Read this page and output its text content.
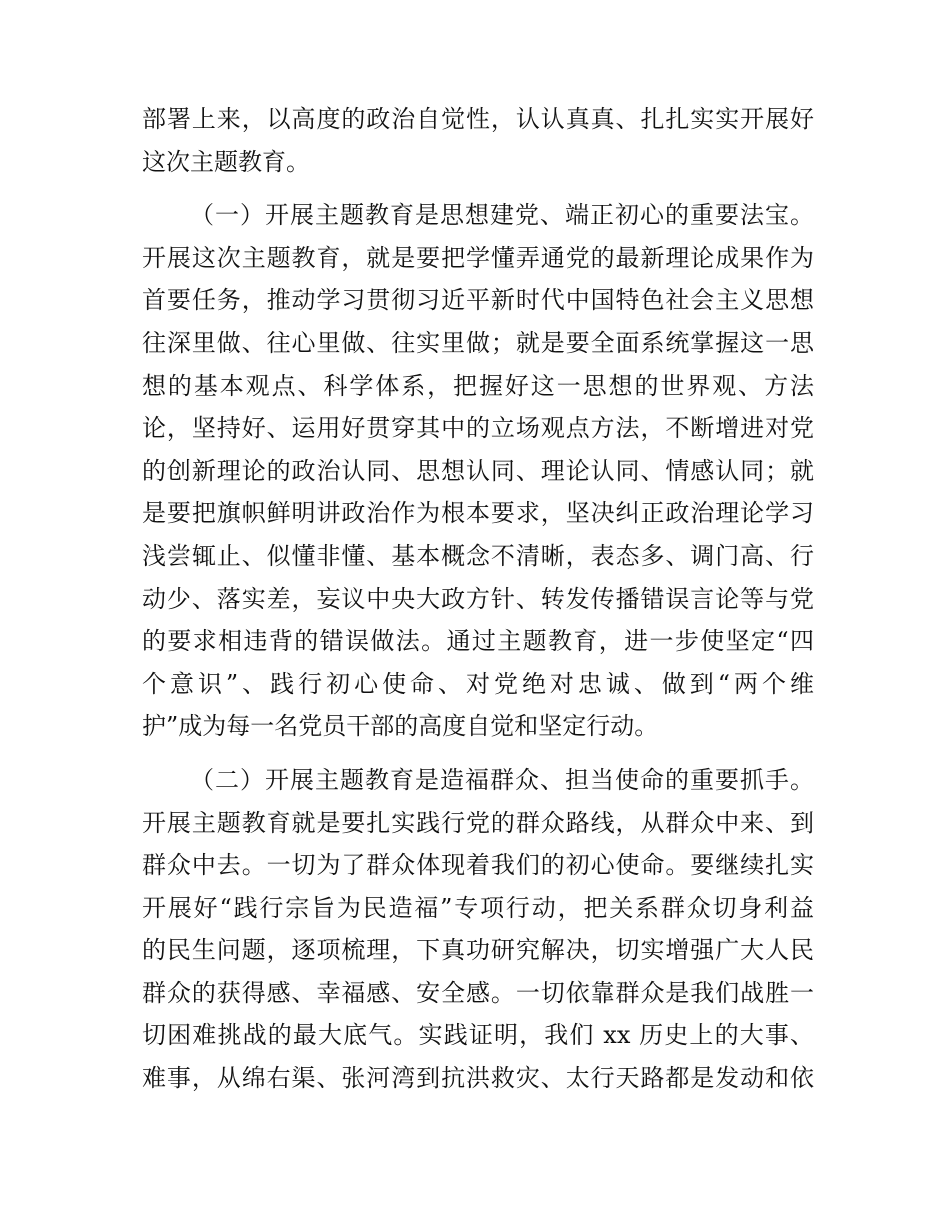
部署上来，以高度的政治自觉性，认认真真、扎扎实实开展好
这次主题教育。
（一）开展主题教育是思想建党、端正初心的重要法宝。
开展这次主题教育，就是要把学懂弄通党的最新理论成果作为
首要任务，推动学习贯彻习近平新时代中国特色社会主义思想
往深里做、往心里做、往实里做；就是要全面系统掌握这一思
想的基本观点、科学体系，把握好这一思想的世界观、方法
论，坚持好、运用好贯穿其中的立场观点方法，不断增进对党
的创新理论的政治认同、思想认同、理论认同、情感认同；就
是要把旗帜鲜明讲政治作为根本要求，坚决纠正政治理论学习
浅尝辄止、似懂非懂、基本概念不清晰，表态多、调门高、行
动少、落实差，妄议中央大政方针、转发传播错误言论等与党
的要求相违背的错误做法。通过主题教育，进一步使坚定“四
个意识”、践行初心使命、对党绝对忠诚、做到“两个维
护”成为每一名党员干部的高度自觉和坚定行动。
（二）开展主题教育是造福群众、担当使命的重要抓手。
开展主题教育就是要扎实践行党的群众路线，从群众中来、到
群众中去。一切为了群众体现着我们的初心使命。要继续扎实
开展好“践行宗旨为民造福”专项行动，把关系群众切身利益
的民生问题，逐项梳理，下真功研究解决，切实增强广大人民
群众的获得感、幸福感、安全感。一切依靠群众是我们战胜一
切困难挑战的最大底气。实践证明，我们 xx 历史上的大事、
难事，从绵右渠、张河湾到抗洪救灾、太行天路都是发动和依
